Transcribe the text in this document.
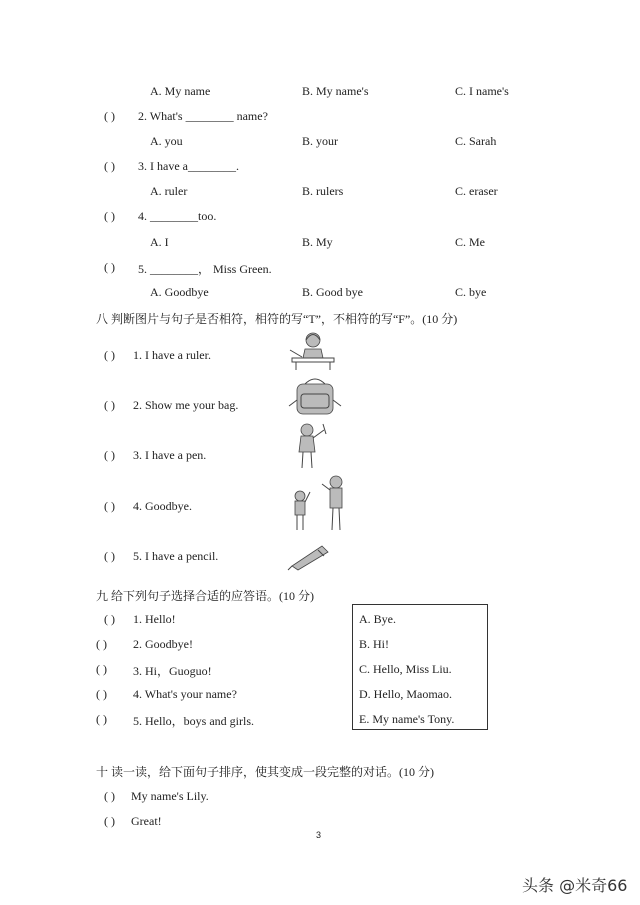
A. My name	B. My name's	C. I name's
( ) 2. What's ________ name?
A. you	B. your	C. Sarah
( ) 3. I have a________.
A. ruler	B. rulers	C. eraser
( ) 4. ________too.
A. I	B. My	C. Me
( ) 5. ________， Miss Green.
A. Goodbye	B. Good bye	C. bye
八 判断图片与句子是否相符，相符的写“T”，不相符的写“F”。(10 分)
( ) 1. I have a ruler.
( ) 2. Show me your bag.
( ) 3. I have a pen.
( ) 4. Goodbye.
( ) 5. I have a pencil.
九 给下列句子选择合适的应答语。(10 分)
( ) 1. Hello!
( ) 2. Goodbye!
( ) 3. Hi，Guoguo!
( ) 4. What's your name?
( ) 5. Hello，boys and girls.
A. Bye.
B. Hi!
C. Hello, Miss Liu.
D. Hello, Maomao.
E. My name's Tony.
十 读一读，给下面句子排序，使其变成一段完整的对话。(10 分)
( ) My name's Lily.
( ) Great!
3
头条 @米奇66
